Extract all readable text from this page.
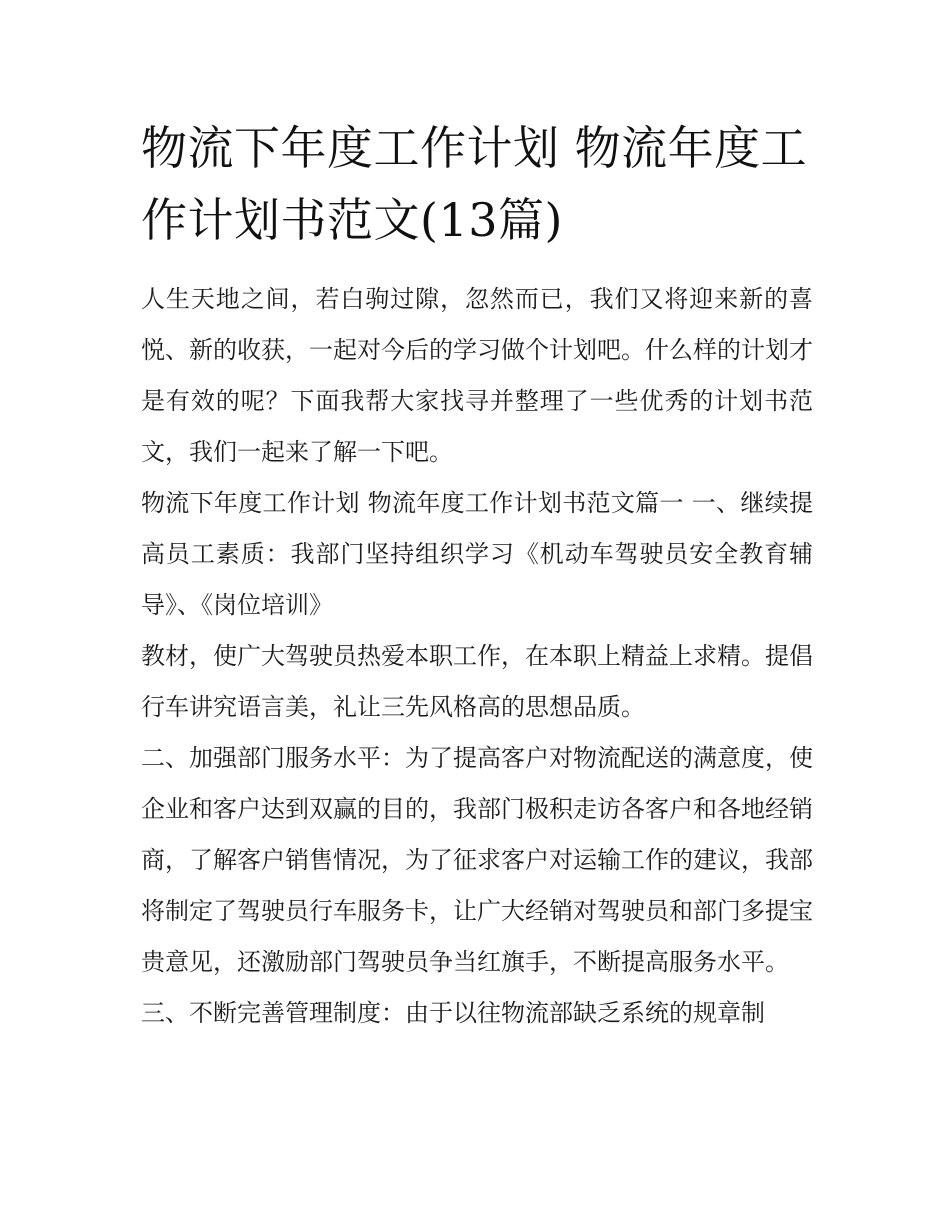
物流下年度工作计划 物流年度工作计划书范文(13篇)

人生天地之间，若白驹过隙，忽然而已，我们又将迎来新的喜悦、新的收获，一起对今后的学习做个计划吧。什么样的计划才是有效的呢？下面我帮大家找寻并整理了一些优秀的计划书范文，我们一起来了解一下吧。

物流下年度工作计划 物流年度工作计划书范文篇一 一、继续提高员工素质：我部门坚持组织学习《机动车驾驶员安全教育辅导》、《岗位培训》

教材，使广大驾驶员热爱本职工作，在本职上精益上求精。提倡行车讲究语言美，礼让三先风格高的思想品质。

二、加强部门服务水平：为了提高客户对物流配送的满意度，使企业和客户达到双赢的目的，我部门极积走访各客户和各地经销商，了解客户销售情况，为了征求客户对运输工作的建议，我部将制定了驾驶员行车服务卡，让广大经销对驾驶员和部门多提宝贵意见，还激励部门驾驶员争当红旗手，不断提高服务水平。

三、不断完善管理制度：由于以往物流部缺乏系统的规章制
